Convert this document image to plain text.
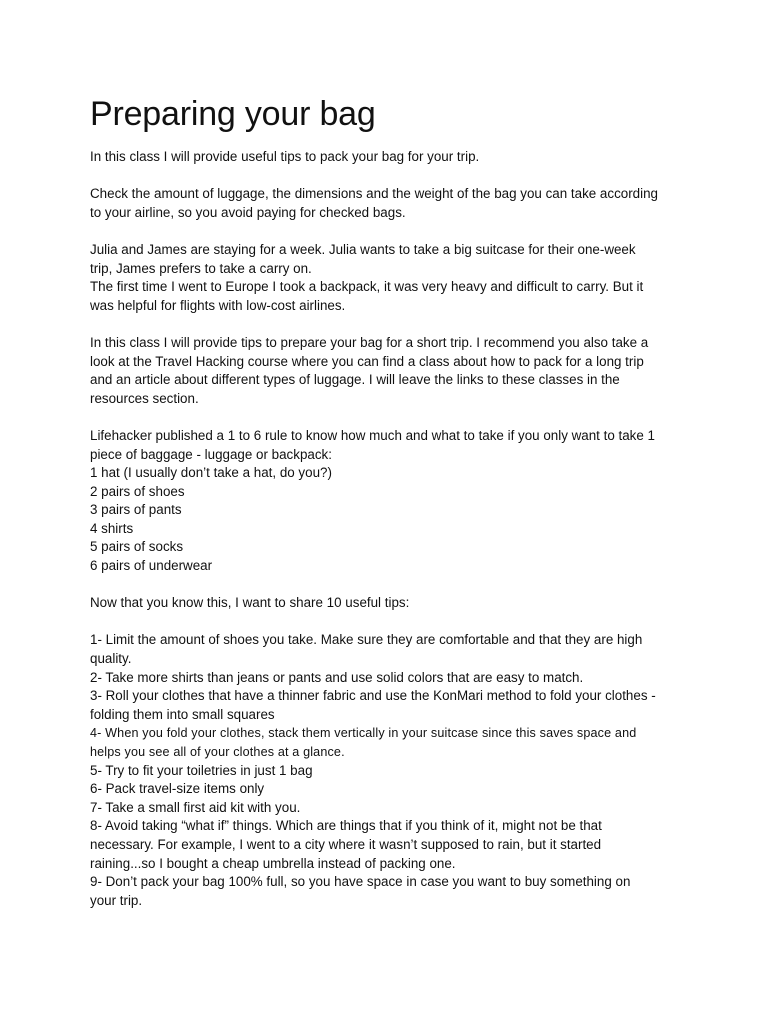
Preparing your bag
In this class I will provide useful tips to pack your bag for your trip.
Check the amount of luggage, the dimensions and the weight of the bag you can take according
to your airline, so you avoid paying for checked bags.
Julia and James are staying for a week. Julia wants to take a big suitcase for their one-week
trip, James prefers to take a carry on.
The first time I went to Europe I took a backpack, it was very heavy and difficult to carry. But it
was helpful for flights with low-cost airlines.
In this class I will provide tips to prepare your bag for a short trip. I recommend you also take a
look at the Travel Hacking course where you can find a class about how to pack for a long trip
and an article about different types of luggage. I will leave the links to these classes in the
resources section.
Lifehacker published a 1 to 6 rule to know how much and what to take if you only want to take 1
piece of baggage - luggage or backpack:
1 hat (I usually don’t take a hat, do you?)
2 pairs of shoes
3 pairs of pants
4 shirts
5 pairs of socks
6 pairs of underwear
Now that you know this, I want to share 10 useful tips:
1- Limit the amount of shoes you take. Make sure they are comfortable and that they are high
quality.
2- Take more shirts than jeans or pants and use solid colors that are easy to match.
3- Roll your clothes that have a thinner fabric and use the KonMari method to fold your clothes -
folding them into small squares
4- When you fold your clothes, stack them vertically in your suitcase since this saves space and
helps you see all of your clothes at a glance.
5- Try to fit your toiletries in just 1 bag
6- Pack travel-size items only
7- Take a small first aid kit with you.
8- Avoid taking “what if” things. Which are things that if you think of it, might not be that
necessary. For example, I went to a city where it wasn’t supposed to rain, but it started
raining...so I bought a cheap umbrella instead of packing one.
9- Don’t pack your bag 100% full, so you have space in case you want to buy something on
your trip.
